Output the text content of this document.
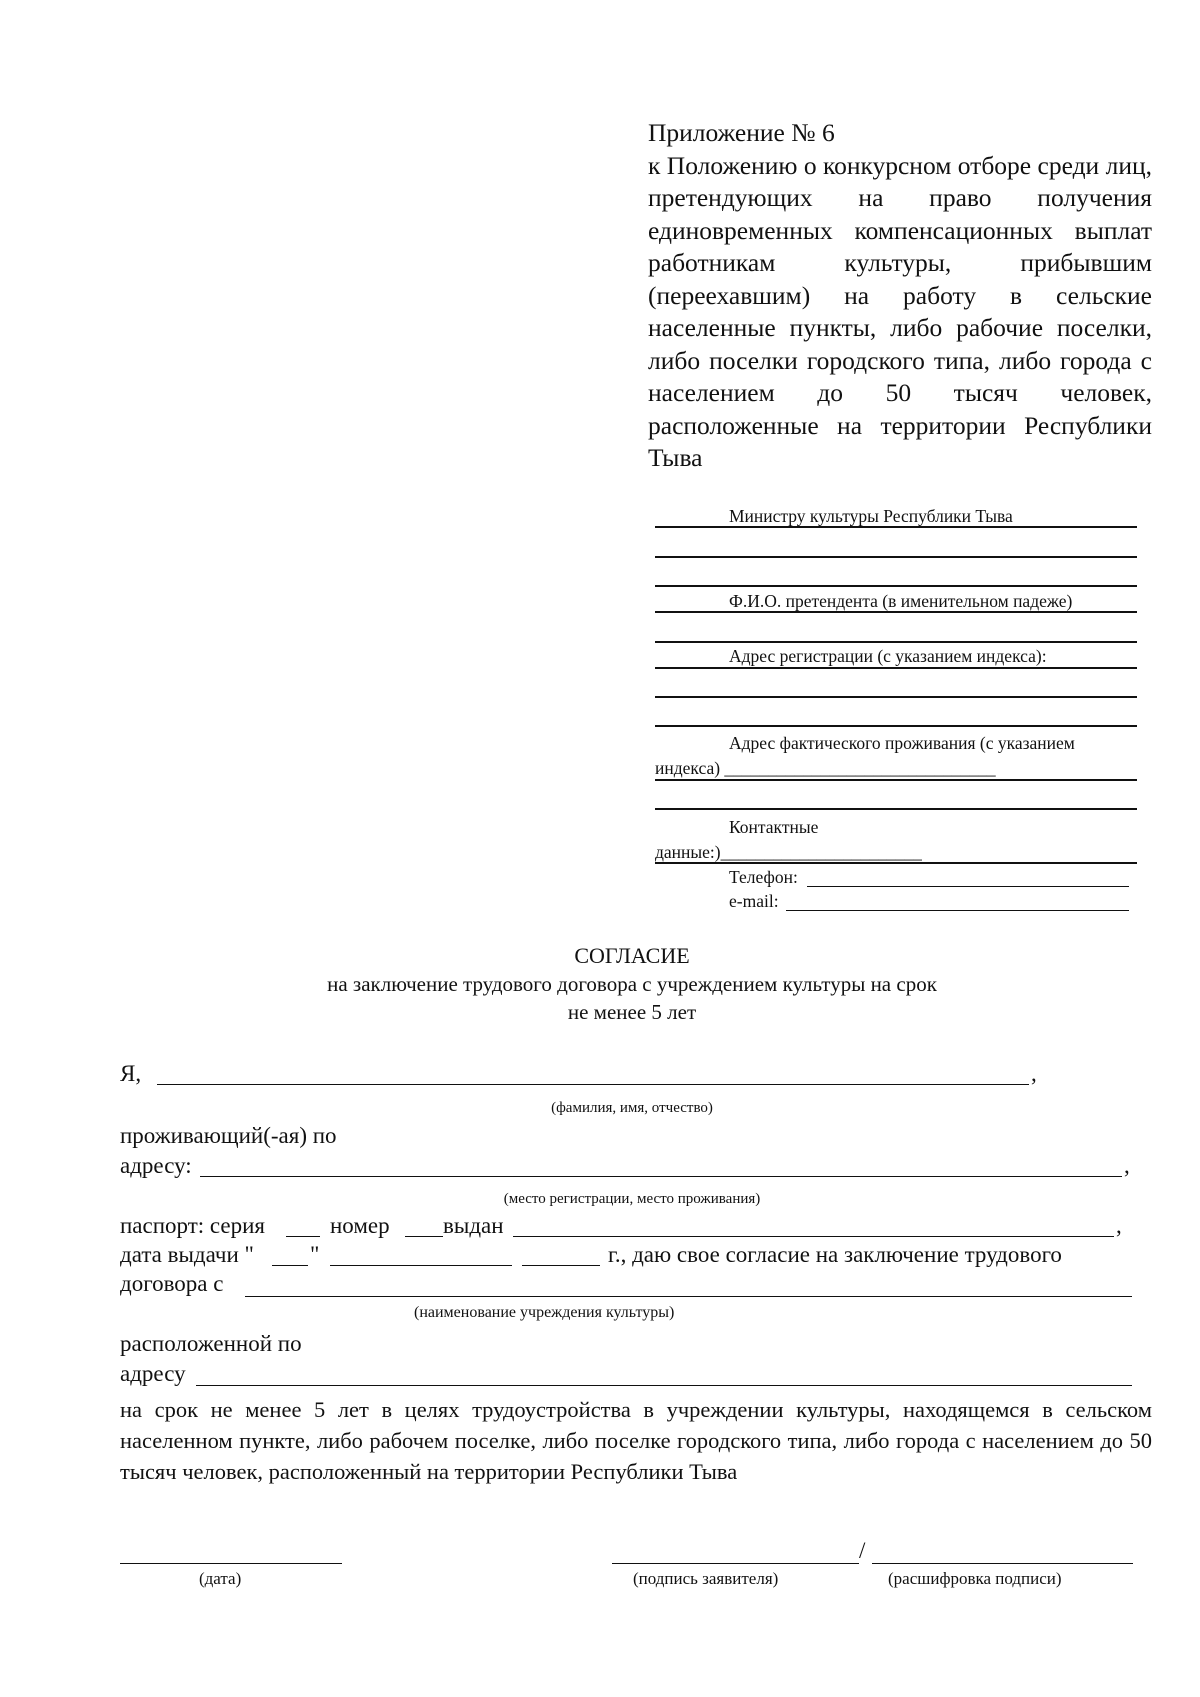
Приложение № 6
к Положению о конкурсном отборе среди лиц, претендующих на право получения единовременных компенсационных выплат работникам культуры, прибывшим (переехавшим) на работу в сельские населенные пункты, либо рабочие поселки, либо поселки городского типа, либо города с населением до 50 тысяч человек, расположенные на территории Республики Тыва
Министру культуры Республики Тыва
Ф.И.О. претендента (в именительном падеже)
Адрес регистрации (с указанием индекса):
Адрес фактического проживания (с указанием
индекса) _______________________________
Контактные
данные:)_______________________
Телефон:
e-mail:
СОГЛАСИЕ
на заключение трудового договора с учреждением культуры на срок
не менее 5 лет
Я,	,
(фамилия, имя, отчество)
проживающий(-ая) по
адресу:	,
(место регистрации, место проживания)
паспорт: серия	номер выдан	,
дата выдачи " "	г., даю свое согласие на заключение трудового
договора с
(наименование учреждения культуры)
расположенной по
адресу
на срок не менее 5 лет в целях трудоустройства в учреждении культуры, находящемся в сельском населенном пункте, либо рабочем поселке, либо поселке городского типа, либо города с населением до 50 тысяч человек, расположенный на территории Республики Тыва
(дата)
/
(подпись заявителя)	(расшифровка подписи)
